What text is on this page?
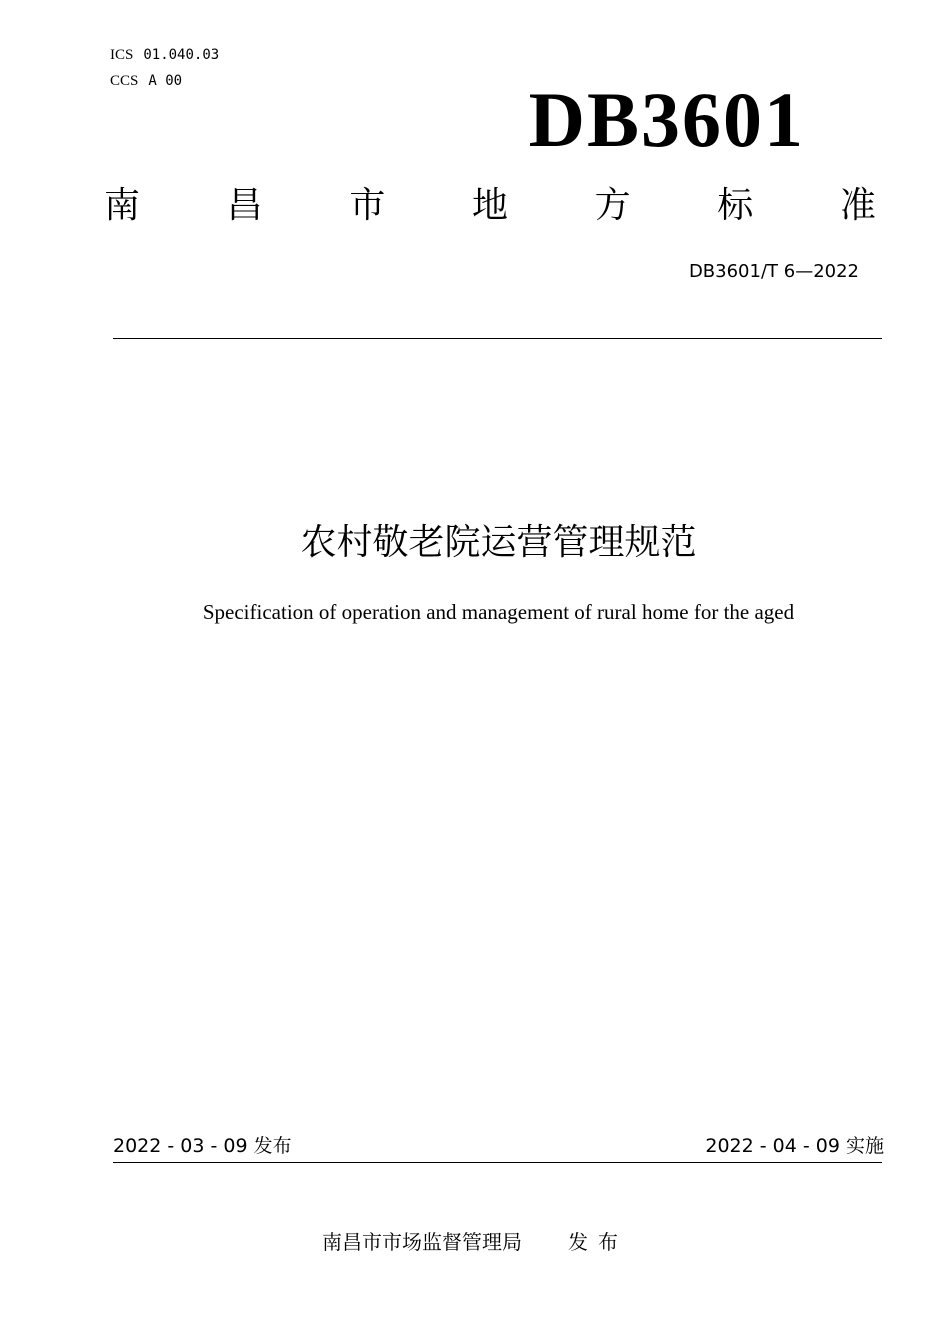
ICS 01.040.03
CCS A 00	DB3601
南 昌 市 地 方 标 准
DB3601/T 6—2022
农村敬老院运营管理规范
Specification of operation and management of rural home for the aged
2022 - 03 - 09 发布	2022 - 04 - 09 实施
南昌市市场监督管理局 发布
